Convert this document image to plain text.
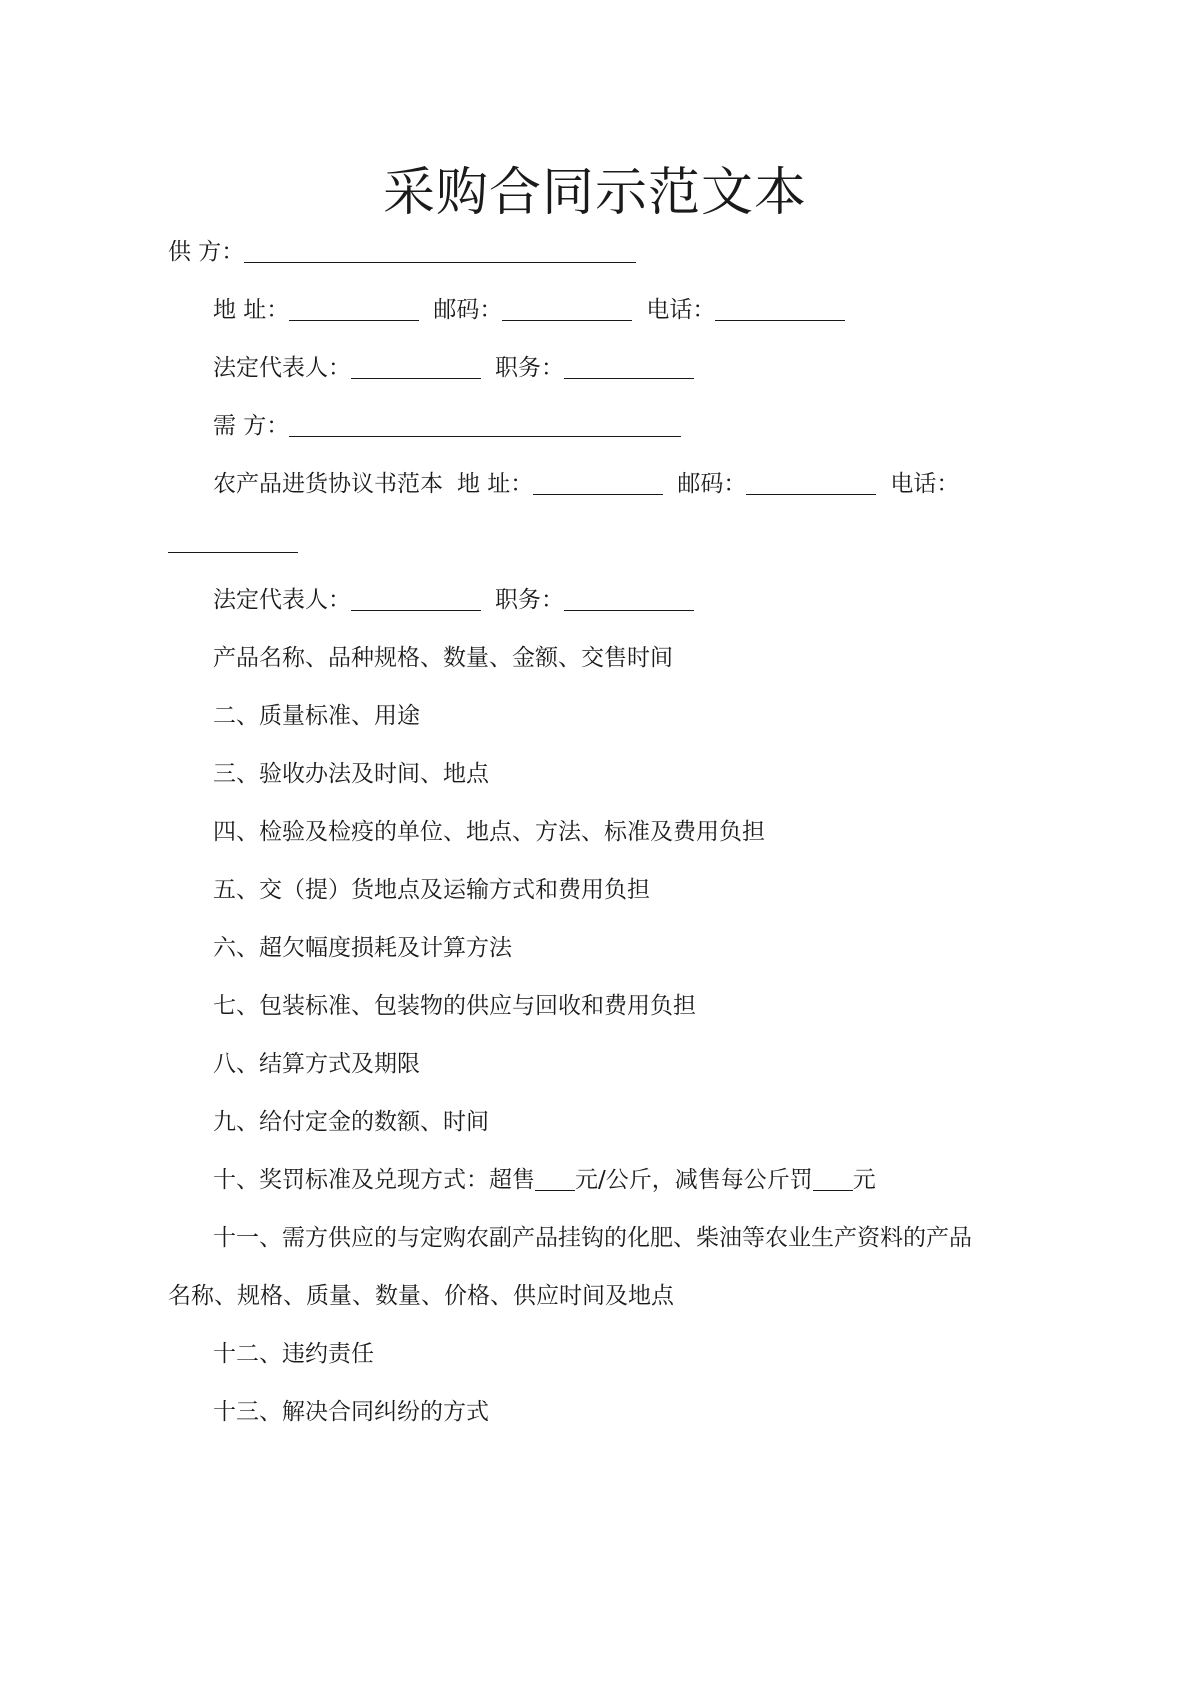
采购合同示范文本
供 方：
地 址：	邮码：	电话：
法定代表人：	职务：
需 方：
农产品进货协议书范本 地 址：	邮码：	电话：
法定代表人：	职务：
产品名称、品种规格、数量、金额、交售时间
二、质量标准、用途
三、验收办法及时间、地点
四、检验及检疫的单位、地点、方法、标准及费用负担
五、交（提）货地点及运输方式和费用负担
六、超欠幅度损耗及计算方法
七、包装标准、包装物的供应与回收和费用负担
八、结算方式及期限
九、给付定金的数额、时间
十、奖罚标准及兑现方式：超售 元/公斤，减售每公斤罚 元
十一、需方供应的与定购农副产品挂钩的化肥、柴油等农业生产资料的产品
名称、规格、质量、数量、价格、供应时间及地点
十二、违约责任
十三、解决合同纠纷的方式
